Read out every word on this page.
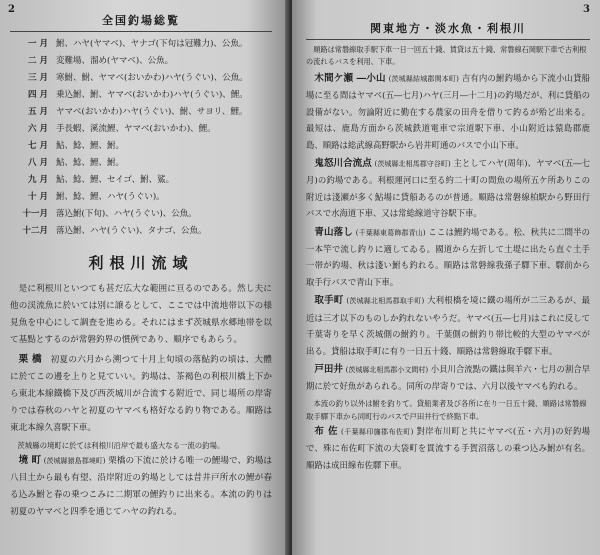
2
全国釣場総覧
一 月 鮒、ハヤ(ヤマベ)、ヤナゴ(下旬は冠難力)、公魚。
二 月 変難場、溜め(ヤマベ)、公魚。
三 月 寒鮒、鮒、ヤマベ(おいかわ)ハヤ(うぐい)、公魚。
四 月 乗込鮒、鮒、ヤマベ(おいかわ)ハヤ(うぐい)、鯉。
五 月 ヤマベ(おいかわ)ハヤ(うぐい)、鮒、サヨリ、鯉。
六 月 手長蝦、溪流鯉、ヤマベ(おいかわ)、鯉。
七 月 鮎、鯰、鯉、鮒。
八 月 鮎、鯰、鯉、鮒。
九 月 鮎、鯰、鯉、セイゴ、鮒、鯊。
十 月 鮒、鯰、鯉、ハヤ(うぐい)。
十一月 落込鮒(下旬)、ハヤ(うぐい)、公魚。
十二月 落込鮒、ハヤ(うぐい)、タナゴ、公魚。
利根川流域

是に利根川といつても甚だ広大な範囲に亘るのである。然し夫に他の渓流魚に於いては別に譲るとして、ここでは中流地帯以下の様見魚を中心にして調査を進める。それにはまず茨城県水郷地帯を以て基點とするのが常磐釣界の慣例であり、順序でもあらう。

栗 橋　 初夏の六月から溯つて十月上旬頃の落鮎釣の頃は、大體に於てこの邊を上りと見ていい。釣場は、茶褐色の利根川橋上下から東北本線鐵橋下及び西茨城川が合流する附近で、同じ場所の岸寄りでは春秋のハヤと初夏のヤマベも格好なる釣り物である。順路は東北本線久喜駅下車。

茨城縣の境町に於ては利根川沿岸で最も盛大なる一流の釣場。

境 町 (茨城縣猿島郡境町) 栗橋の下流に於ける唯一の鯉場で、釣場は八目土から最も有望、沿岸附近の釣場としては昔井戸所水の鯉が春る込み鮒と春の乗つこみに二期軍の鯉釣りに出来る。本流の釣りは初夏のヤマベと四季を通じてハヤの釣れる。

3
関東地方・淡水魚・利根川
順路は常磐線取手駅下車一日一回五十錢、賃貸は五十錢、常磐線石岡駅下車で古利根の流れるバスを利用、下車。

木間ケ瀬 ―小山 (茨城縣結城郡関本町) 吉有内の鮒釣場から下流小山貸船場に至る間はヤマベ(五―七月)ハヤ(三月―十二月)の釣場だが、利に貸船の設備がない。勿論附近に勤在する農家の田舟を借りて釣るが殆ど出来る。最短は、鹿島方面から茨城鉄道電車で宗道駅下車、小山附近は猿島郡鹿島、順路は総武線高野駅から岩井町通のバスで小山下車。

鬼怒川合流点 (茨城縣北相馬郡守谷町) 主としてハヤ(周年)、ヤマベ(五―七月)の釣場である。利根運河口に至る約二十町の間魚の場所五ケ所ありこの附近は淺瀬が多く鮎場に貸船あるのが普通。順路は常磐線柏駅から野田行バスで水海道下車、又は常総線道守谷駅下車。

青山落し (千葉縣東葛飾郡青山) ここは鯉釣場である。松、秋共に二間半の一本竿で流し釣りに適してゐる。國道から左折して土堤に出たら直ぐ土手一帯が釣場、秋は淺い鮒も釣れる。順路は常磐線我孫子驛下車、驛前から取手行バスで青山下車。

取手町 (茨城縣北相馬郡取手町) 大利根橋を境に鐵の場所が二三あるが、最近は三才以下のものしか釣れないやうだ。ヤマベ(五―七月)はこれに反して千葉寄りを早く茨城側の鮒釣り。千葉側の鮒釣り帯比較的大型のヤマベが出る。貸船は取手町に有り一日五十錢、順路は常磐線取手驛下車。

戸田井 (茨城縣北相馬郡小文間村) 小貝川合流點の鐵は與羊六・七月の割合早期に於て好魚があられる。同所の岸寄りでは、六月以後ヤマベも釣れる。

本流の釣り以外は鮒を釣りて。貸船業者及び各所に在り一日五十錢、順路は常磐線取手驛下車から同町行のバスで戸田井行で終點下車。

布 佐 (千葉縣印旛郡布佐町) 對岸布川町と共にヤマベ(五・六月)の好釣場で、殊に布佐町下流の大袋町を貫流する手賀沼落しの乘つ込み鮒が有名。順路は成田線布佐驛下車。
